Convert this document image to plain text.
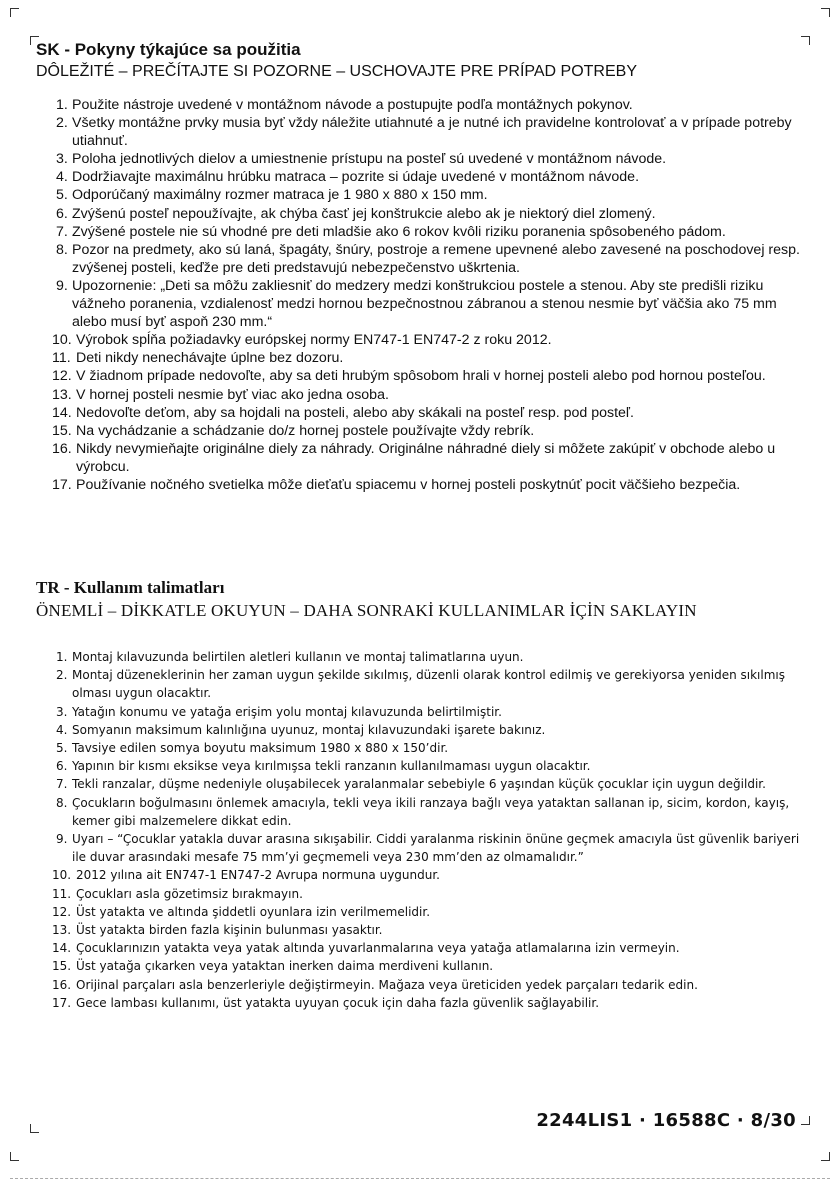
SK - Pokyny týkajúce sa použitia

DÔLEŽITÉ – PREČÍTAJTE SI POZORNE – USCHOVAJTE PRE PRÍPAD POTREBY

1. Použite nástroje uvedené v montážnom návode a postupujte podľa montážnych pokynov.
2. Všetky montážne prvky musia byť vždy náležite utiahnuté a je nutné ich pravidelne kontrolovať a v prípade potreby utiahnuť.
3. Poloha jednotlivých dielov a umiestnenie prístupu na posteľ sú uvedené v montážnom návode.
4. Dodržiavajte maximálnu hrúbku matraca – pozrite si údaje uvedené v montážnom návode.
5. Odporúčaný maximálny rozmer matraca je 1 980 x 880 x 150 mm.
6. Zvýšenú posteľ nepoužívajte, ak chýba časť jej konštrukcie alebo ak je niektorý diel zlomený.
7. Zvýšené postele nie sú vhodné pre deti mladšie ako 6 rokov kvôli riziku poranenia spôsobeného pádom.
8. Pozor na predmety, ako sú laná, špagáty, šnúry, postroje a remene upevnené alebo zavesené na poschodovej resp. zvýšenej posteli, keďže pre deti predstavujú nebezpečenstvo uškrtenia.
9. Upozornenie: „Deti sa môžu zakliesniť do medzery medzi konštrukciou postele a stenou. Aby ste predišli riziku vážneho poranenia, vzdialenosť medzi hornou bezpečnostnou zábranou a stenou nesmie byť väčšia ako 75 mm alebo musí byť aspoň 230 mm.“
10. Výrobok spĺňa požiadavky európskej normy EN747-1 EN747-2 z roku 2012.
11. Deti nikdy nenechávajte úplne bez dozoru.
12. V žiadnom prípade nedovoľte, aby sa deti hrubým spôsobom hrali v hornej posteli alebo pod hornou posteľou.
13. V hornej posteli nesmie byť viac ako jedna osoba.
14. Nedovoľte deťom, aby sa hojdali na posteli, alebo aby skákali na posteľ resp. pod posteľ.
15. Na vychádzanie a schádzanie do/z hornej postele používajte vždy rebrík.
16. Nikdy nevymieňajte originálne diely za náhrady. Originálne náhradné diely si môžete zakúpiť v obchode alebo u výrobcu.
17. Používanie nočného svetielka môže dieťaťu spiacemu v hornej posteli poskytnúť pocit väčšieho bezpečia.
TR - Kullanım talimatları

ÖNEMLİ – DİKKATLE OKUYUN – DAHA SONRAKİ KULLANIMLAR İÇİN SAKLAYIN

1. Montaj kılavuzunda belirtilen aletleri kullanın ve montaj talimatlarına uyun.
2. Montaj düzeneklerinin her zaman uygun şekilde sıkılmış, düzenli olarak kontrol edilmiş ve gerekiyorsa yeniden sıkılmış olması uygun olacaktır.
3. Yatağın konumu ve yatağa erişim yolu montaj kılavuzunda belirtilmiştir.
4. Somyanın maksimum kalınlığına uyunuz, montaj kılavuzundaki işarete bakınız.
5. Tavsiye edilen somya boyutu maksimum 1980 x 880 x 150’dir.
6. Yapının bir kısmı eksikse veya kırılmışsa tekli ranzanın kullanılmaması uygun olacaktır.
7. Tekli ranzalar, düşme nedeniyle oluşabilecek yaralanmalar sebebiyle 6 yaşından küçük çocuklar için uygun değildir.
8. Çocukların boğulmasını önlemek amacıyla, tekli veya ikili ranzaya bağlı veya yataktan sallanan ip, sicim, kordon, kayış, kemer gibi malzemelere dikkat edin.
9. Uyarı – “Çocuklar yatakla duvar arasına sıkışabilir. Ciddi yaralanma riskinin önüne geçmek amacıyla üst güvenlik bariyeri ile duvar arasındaki mesafe 75 mm’yi geçmemeli veya 230 mm’den az olmamalıdır.”
10. 2012 yılına ait EN747-1 EN747-2 Avrupa normuna uygundur.
11. Çocukları asla gözetimsiz bırakmayın.
12. Üst yatakta ve altında şiddetli oyunlara izin verilmemelidir.
13. Üst yatakta birden fazla kişinin bulunması yasaktır.
14. Çocuklarınızın yatakta veya yatak altında yuvarlanmalarına veya yatağa atlamalarına izin vermeyin.
15. Üst yatağa çıkarken veya yataktan inerken daima merdiveni kullanın.
16. Orijinal parçaları asla benzerleriyle değiştirmeyin. Mağaza veya üreticiden yedek parçaları tedarik edin.
17. Gece lambası kullanımı, üst yatakta uyuyan çocuk için daha fazla güvenlik sağlayabilir.
2244LIS1 · 16588C · 8/30
